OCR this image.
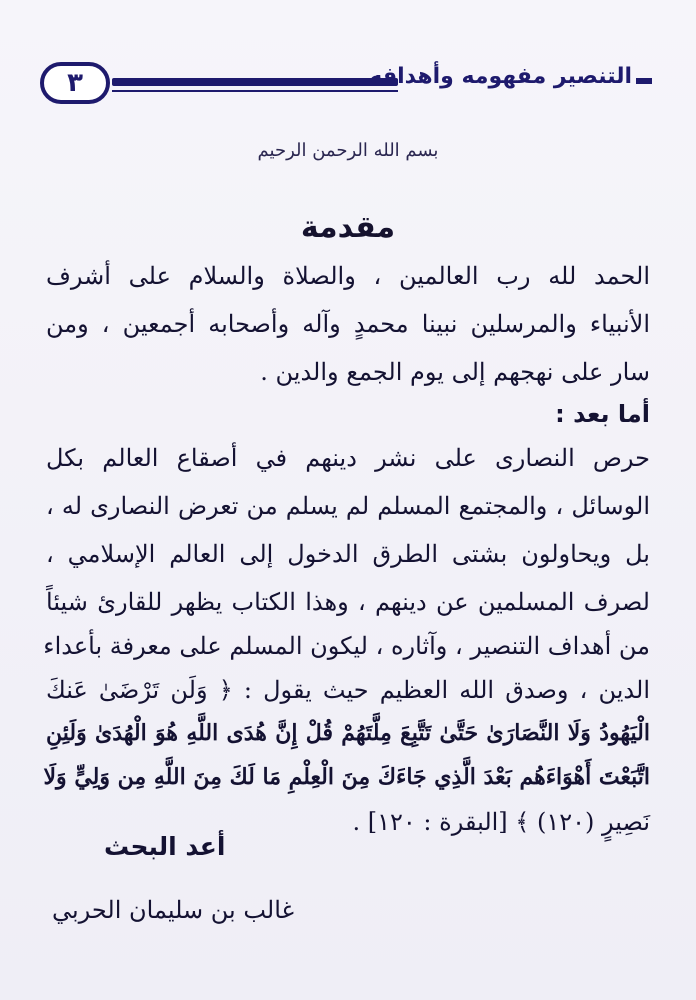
٣	التنصير مفهومه وأهدافه
بسم الله الرحمن الرحيم
مقدمة
الحمد لله رب العالمين ، والصلاة والسلام على أشرف
الأنبياء والمرسلين نبينا محمدٍ وآله وأصحابه أجمعين ، ومن
سار على نهجهم إلى يوم الجمع والدين .
أما بعد :
حرص النصارى على نشر دينهم في أصقاع العالم بكل
الوسائل ، والمجتمع المسلم لم يسلم من تعرض النصارى له ،
بل ويحاولون بشتى الطرق الدخول إلى العالم الإسلامي ،
لصرف المسلمين عن دينهم ، وهذا الكتاب يظهر للقارئ شيئاً
من أهداف التنصير ، وآثاره ، ليكون المسلم على معرفة بأعداء
الدين ، وصدق الله العظيم حيث يقول : ﴿ وَلَن تَرْضَىٰ عَنكَ
الْيَهُودُ وَلَا النَّصَارَىٰ حَتَّىٰ تَتَّبِعَ مِلَّتَهُمْ قُلْ إِنَّ هُدَى اللَّهِ هُوَ الْهُدَىٰ وَلَئِنِ
اتَّبَعْتَ أَهْوَاءَهُم بَعْدَ الَّذِي جَاءَكَ مِنَ الْعِلْمِ مَا لَكَ مِنَ اللَّهِ مِن وَلِيٍّ وَلَا
نَصِيرٍ (١٢٠) ﴾ [البقرة : ١٢٠] .
أعد البحث
غالب بن سليمان الحربي
